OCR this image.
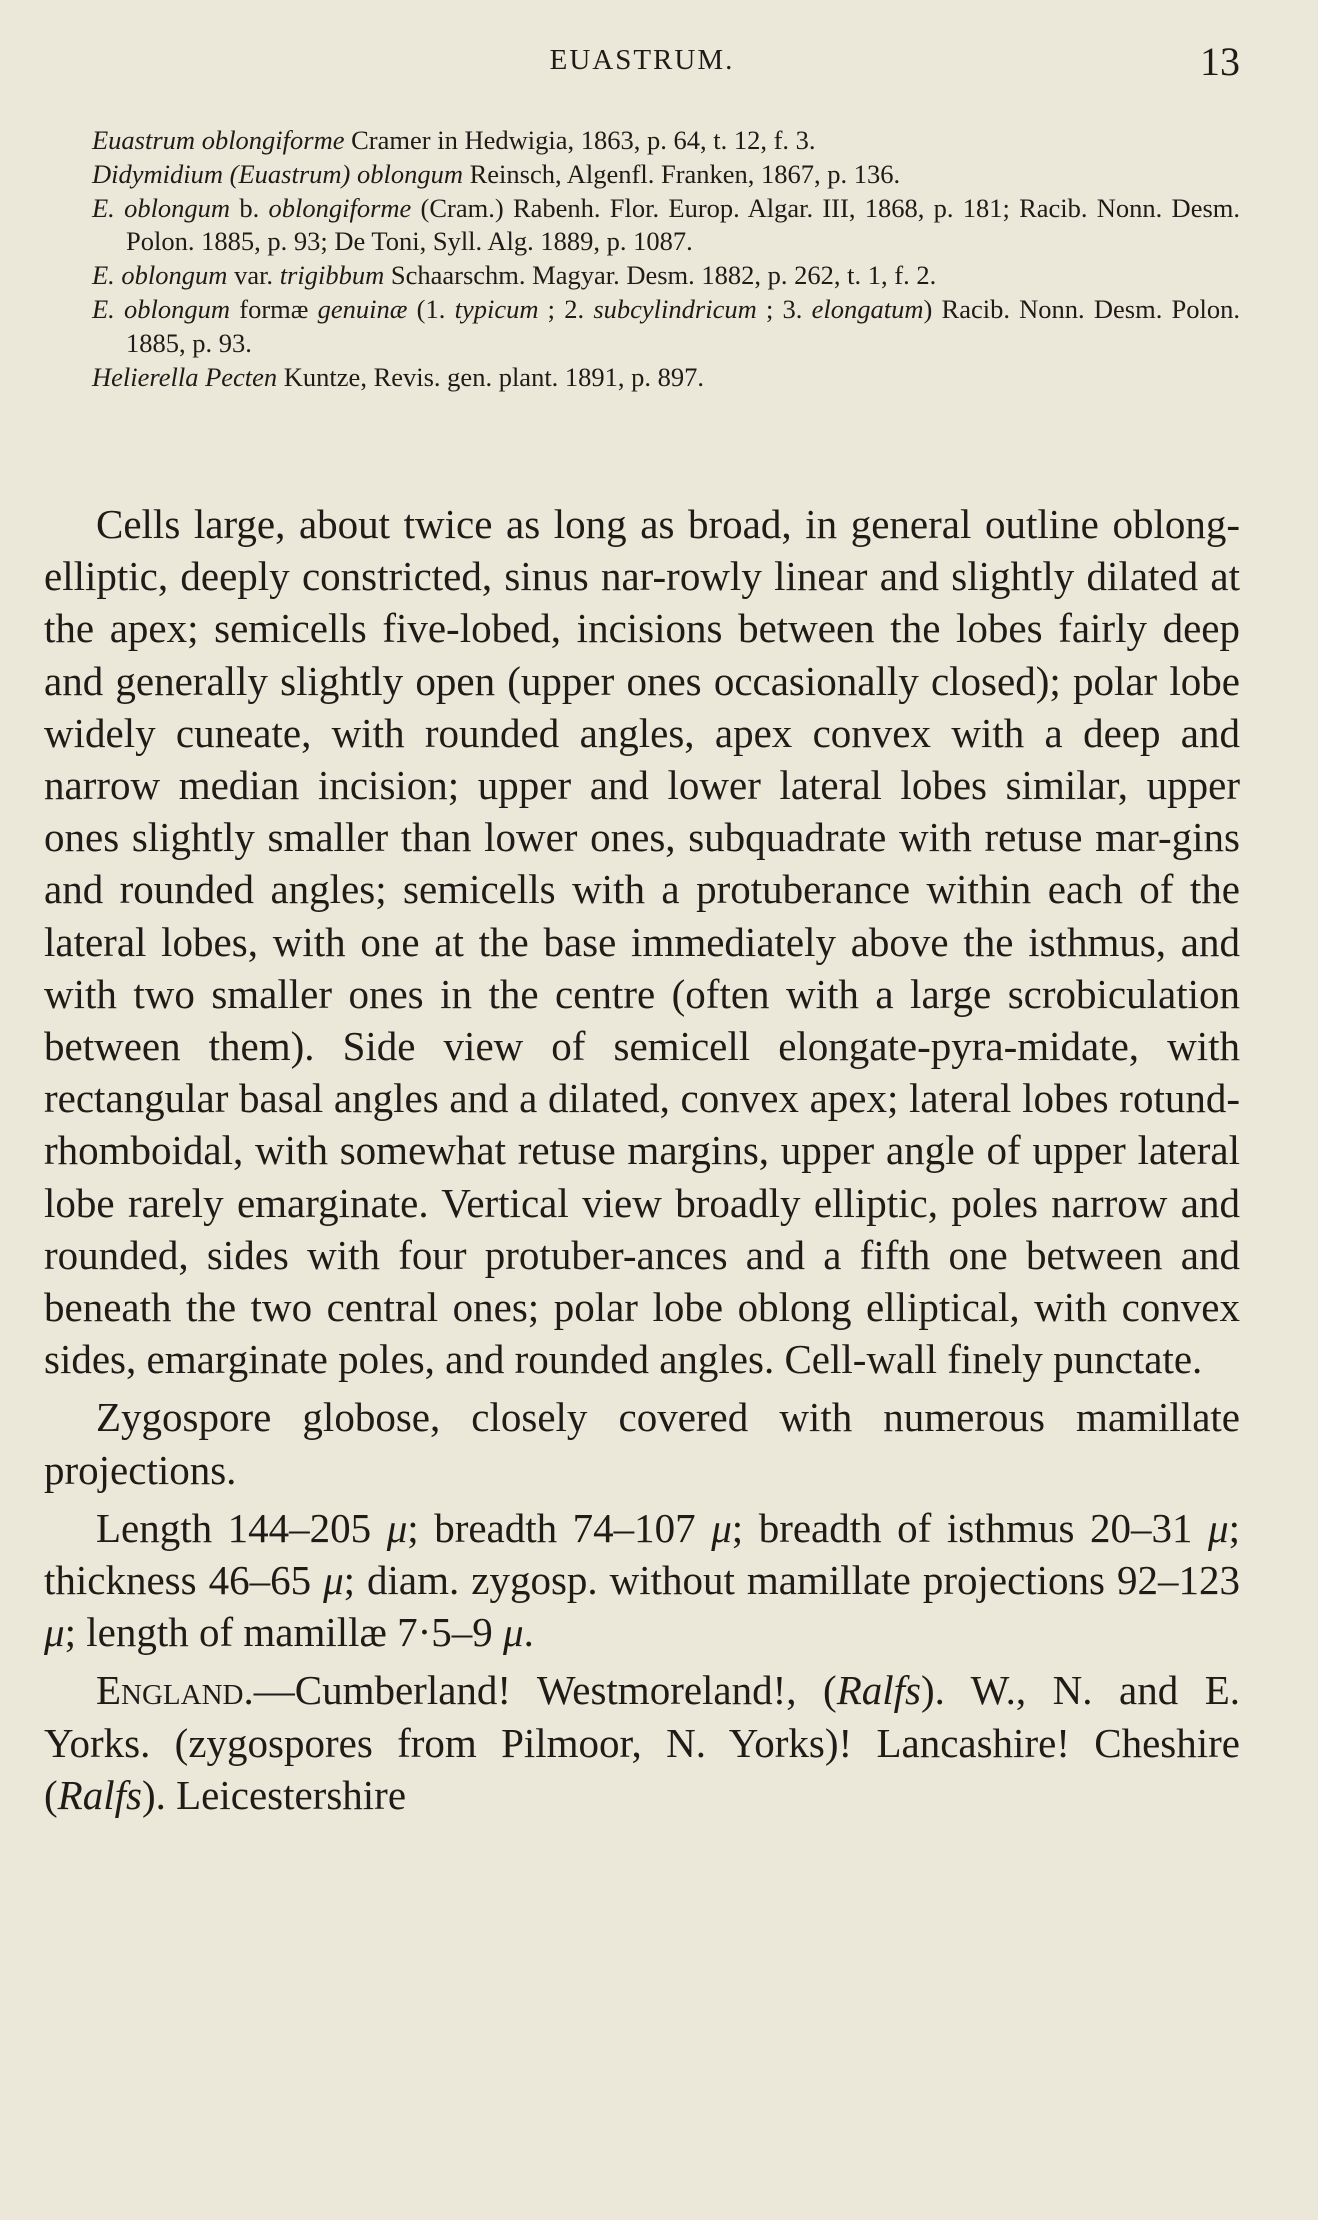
EUASTRUM.	13
Euastrum oblongiforme Cramer in Hedwigia, 1863, p. 64, t. 12, f. 3.
Didymidium (Euastrum) oblongum Reinsch, Algenfl. Franken, 1867, p. 136.
E. oblongum b. oblongiforme (Cram.) Rabenh. Flor. Europ. Algar. III, 1868, p. 181; Racib. Nonn. Desm. Polon. 1885, p. 93; De Toni, Syll. Alg. 1889, p. 1087.
E. oblongum var. trigibbum Schaarschm. Magyar. Desm. 1882, p. 262, t. 1, f. 2.
E. oblongum formæ genuinæ (1. typicum ; 2. subcylindricum ; 3. elongatum) Racib. Nonn. Desm. Polon. 1885, p. 93.
Helierella Pecten Kuntze, Revis. gen. plant. 1891, p. 897.

Cells large, about twice as long as broad, in general outline oblong-elliptic, deeply constricted, sinus nar-rowly linear and slightly dilated at the apex; semicells five-lobed, incisions between the lobes fairly deep and generally slightly open (upper ones occasionally closed); polar lobe widely cuneate, with rounded angles, apex convex with a deep and narrow median incision; upper and lower lateral lobes similar, upper ones slightly smaller than lower ones, subquadrate with retuse mar-gins and rounded angles; semicells with a protuberance within each of the lateral lobes, with one at the base immediately above the isthmus, and with two smaller ones in the centre (often with a large scrobiculation between them). Side view of semicell elongate-pyra-midate, with rectangular basal angles and a dilated, convex apex; lateral lobes rotund-rhomboidal, with somewhat retuse margins, upper angle of upper lateral lobe rarely emarginate. Vertical view broadly elliptic, poles narrow and rounded, sides with four protuber-ances and a fifth one between and beneath the two central ones; polar lobe oblong elliptical, with convex sides, emarginate poles, and rounded angles. Cell-wall finely punctate.

Zygospore globose, closely covered with numerous mamillate projections.

Length 144–205 μ; breadth 74–107 μ; breadth of isthmus 20–31 μ; thickness 46–65 μ; diam. zygosp. without mamillate projections 92–123 μ; length of mamillæ 7·5–9 μ.

England.—Cumberland! Westmoreland!, (Ralfs). W., N. and E. Yorks. (zygospores from Pilmoor, N. Yorks)! Lancashire! Cheshire (Ralfs). Leicestershire
